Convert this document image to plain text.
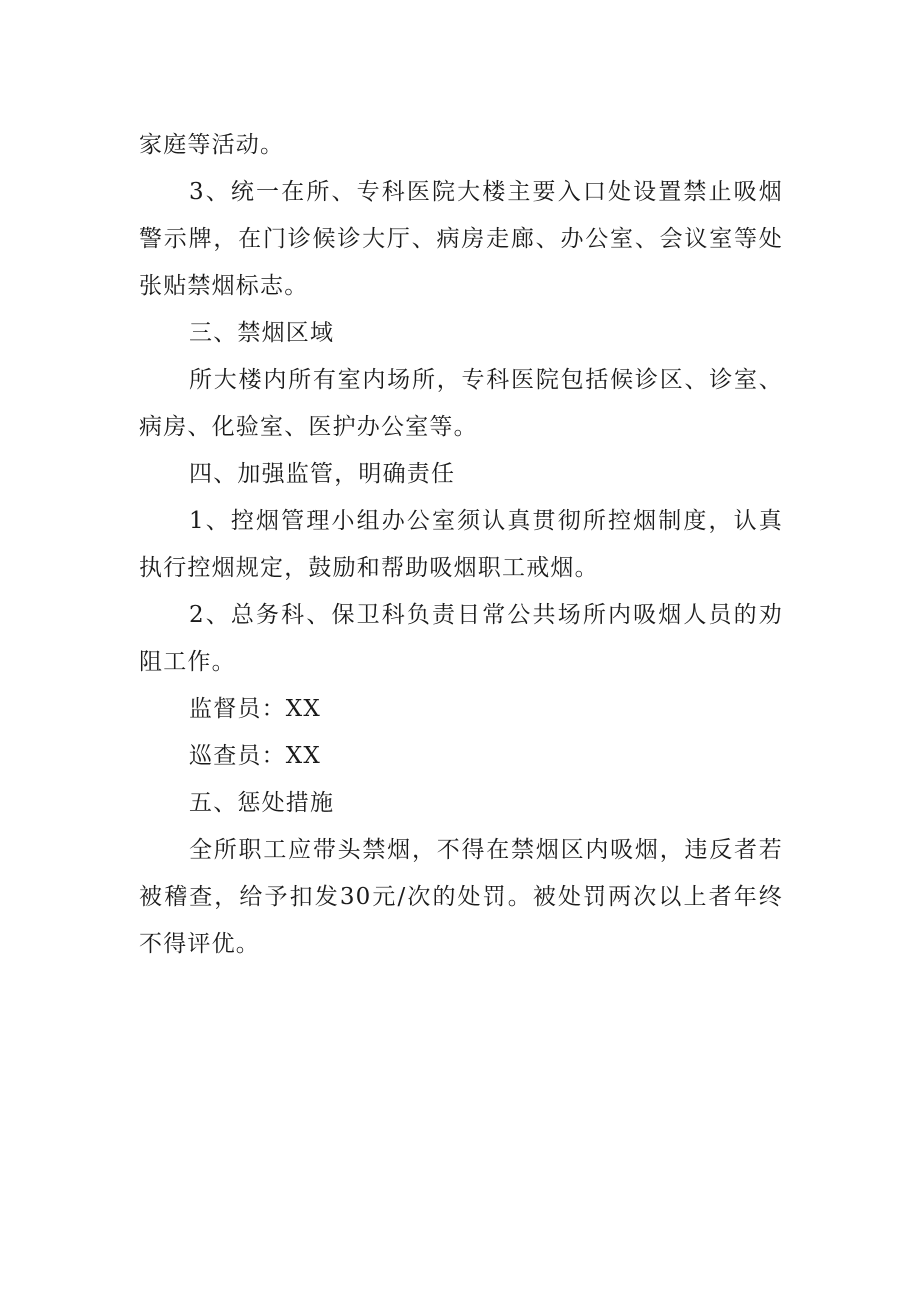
家庭等活动。

3、统一在所、专科医院大楼主要入口处设置禁止吸烟警示牌，在门诊候诊大厅、病房走廊、办公室、会议室等处张贴禁烟标志。

三、禁烟区域

所大楼内所有室内场所，专科医院包括候诊区、诊室、病房、化验室、医护办公室等。

四、加强监管，明确责任

1、控烟管理小组办公室须认真贯彻所控烟制度，认真执行控烟规定，鼓励和帮助吸烟职工戒烟。

2、总务科、保卫科负责日常公共场所内吸烟人员的劝阻工作。

监督员：XX

巡查员：XX

五、惩处措施

全所职工应带头禁烟，不得在禁烟区内吸烟，违反者若被稽查，给予扣发30元/次的处罚。被处罚两次以上者年终不得评优。
